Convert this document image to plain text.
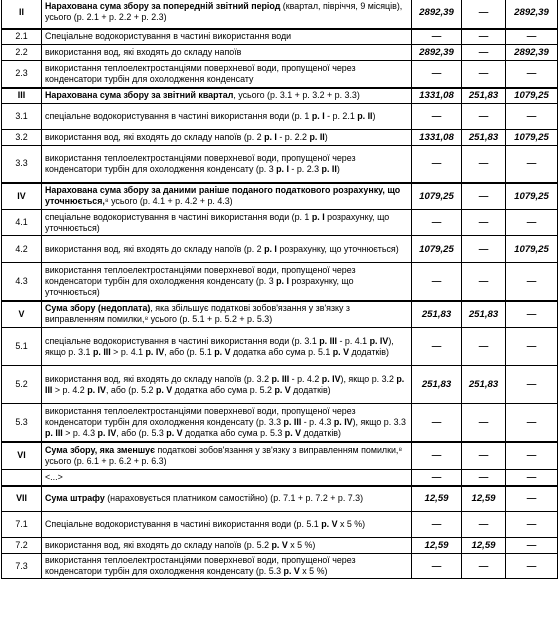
II	Нарахована сума збору за попередній звітний період (квартал, півріччя, 9 місяців), усього (р. 2.1 + р. 2.2 + р. 2.3)	2892,39	—	2892,39
2.1	Спеціальне водокористування в частині використання води	—	—	—
2.2	використання вод, які входять до складу напоїв	2892,39	—	2892,39
2.3	використання теплоелектростанціями поверхневої води, пропущеної через конденсатори турбін для охолодження конденсату	—	—	—
III	Нарахована сума збору за звітний квартал, усього (р. 3.1 + р. 3.2 + р. 3.3)	1331,08	251,83	1079,25
3.1	спеціальне водокористування в частині використання води (р. 1 р. I - р. 2.1 р. II)	—	—	—
3.2	використання вод, які входять до складу напоїв (р. 2 р. I - р. 2.2 р. II)	1331,08	251,83	1079,25
3.3	використання теплоелектростанціями поверхневої води, пропущеної через конденсатори турбін для охолодження конденсату (р. 3 р. I - р. 2.3 р. II)	—	—	—
IV	Нарахована сума збору за даними раніше поданого податкового розрахунку, що уточнюється,⁸ усього (р. 4.1 + р. 4.2 + р. 4.3)	1079,25	—	1079,25
4.1	спеціальне водокористування в частині використання води (р. 1 р. I розрахунку, що уточнюється)	—	—	—
4.2	використання вод, які входять до складу напоїв (р. 2 р. I розрахунку, що уточнюється)	1079,25	—	1079,25
4.3	використання теплоелектростанціями поверхневої води, пропущеної через конденсатори турбін для охолодження конденсату (р. 3 р. I розрахунку, що уточнюється)	—	—	—
V	Сума збору (недоплата), яка збільшує податкові зобов'язання у зв'язку з виправленням помилки,⁸ усього (р. 5.1 + р. 5.2 + р. 5.3)	251,83	251,83	—
5.1	спеціальне водокористування в частині використання води (р. 3.1 р. III - р. 4.1 р. IV), якщо р. 3.1 р. III > р. 4.1 р. IV, або (р. 5.1 р. V додатка або сума р. 5.1 р. V додатків)	—	—	—
5.2	використання вод, які входять до складу напоїв (р. 3.2 р. III - р. 4.2 р. IV), якщо р. 3.2 р. III > р. 4.2 р. IV, або (р. 5.2 р. V додатка або сума р. 5.2 р. V додатків)	251,83	251,83	—
5.3	використання теплоелектростанціями поверхневої води, пропущеної через конденсатори турбін для охолодження конденсату (р. 3.3 р. III - р. 4.3 р. IV), якщо р. 3.3 р. III > р. 4.3 р. IV, або (р. 5.3 р. V додатка або сума р. 5.3 р. V додатків)	—	—	—
VI	Сума збору, яка зменшує податкові зобов'язання у зв'язку з виправленням помилки,⁸ усього (р. 6.1 + р. 6.2 + р. 6.3)	—	—	—
	<...>	—	—	—
VII	Сума штрафу (нараховується платником самостійно) (р. 7.1 + р. 7.2 + р. 7.3)	12,59	12,59	—
7.1	Спеціальне водокористування в частині використання води (р. 5.1 р. V х 5 %)	—	—	—
7.2	використання вод, які входять до складу напоїв (р. 5.2 р. V х 5 %)	12,59	12,59	—
7.3	використання теплоелектростанціями поверхневої води, пропущеної через конденсатори турбін для охолодження конденсату (р. 5.3 р. V х 5 %)	—	—	—
